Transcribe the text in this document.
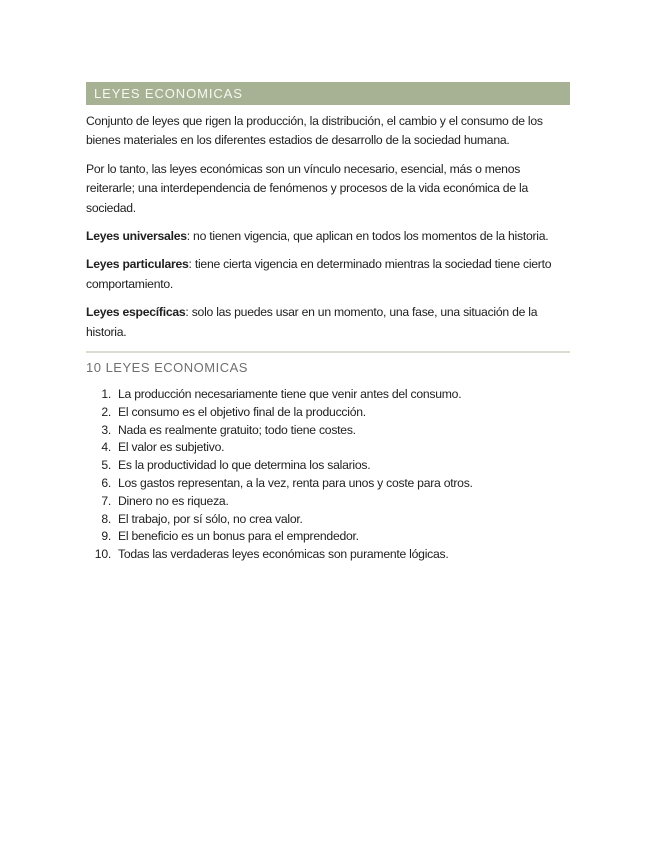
LEYES ECONOMICAS

Conjunto de leyes que rigen la producción, la distribución, el cambio y el consumo de los bienes materiales en los diferentes estadios de desarrollo de la sociedad humana.

Por lo tanto, las leyes económicas son un vínculo necesario, esencial, más o menos reiterarle; una interdependencia de fenómenos y procesos de la vida económica de la sociedad.

Leyes universales: no tienen vigencia, que aplican en todos los momentos de la historia.

Leyes particulares: tiene cierta vigencia en determinado mientras la sociedad tiene cierto comportamiento.

Leyes específicas: solo las puedes usar en un momento, una fase, una situación de la historia.

10 LEYES ECONOMICAS
1. La producción necesariamente tiene que venir antes del consumo.
2. El consumo es el objetivo final de la producción.
3. Nada es realmente gratuito; todo tiene costes.
4. El valor es subjetivo.
5. Es la productividad lo que determina los salarios.
6. Los gastos representan, a la vez, renta para unos y coste para otros.
7. Dinero no es riqueza.
8. El trabajo, por sí sólo, no crea valor.
9. El beneficio es un bonus para el emprendedor.
10. Todas las verdaderas leyes económicas son puramente lógicas.
